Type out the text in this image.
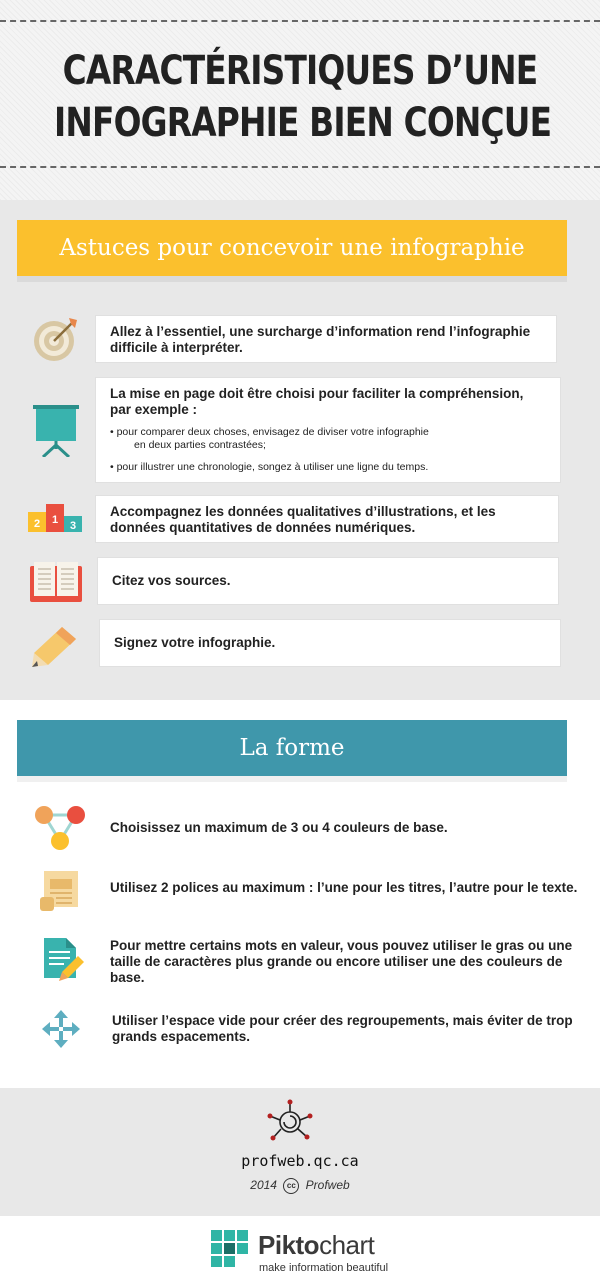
CARACTÉRISTIQUES D’UNE
INFOGRAPHIE BIEN CONÇUE
Astuces pour concevoir une infographie
Allez à l’essentiel, une surcharge d’information rend l’infographie difficile à interpréter.
La mise en page doit être choisi pour faciliter la compréhension, par exemple :
• pour comparer deux choses, envisagez de diviser votre infographie
en deux parties contrastées;
• pour illustrer une chronologie, songez à utiliser une ligne du temps.
2 1 3
Accompagnez les données qualitatives d’illustrations, et les données quantitatives de données numériques.
Citez vos sources.
Signez votre infographie.
La forme
Choisissez un maximum de 3 ou 4 couleurs de base.
Utilisez 2 polices au maximum : l’une pour les titres, l’autre pour le texte.
Pour mettre certains mots en valeur, vous pouvez utiliser le gras ou une taille de caractères plus grande ou encore utiliser une des couleurs de base.
Utiliser l’espace vide pour créer des regroupements, mais éviter de trop grands espacements.
profweb.qc.ca
2014 cc Profweb
Piktochart
make information beautiful
